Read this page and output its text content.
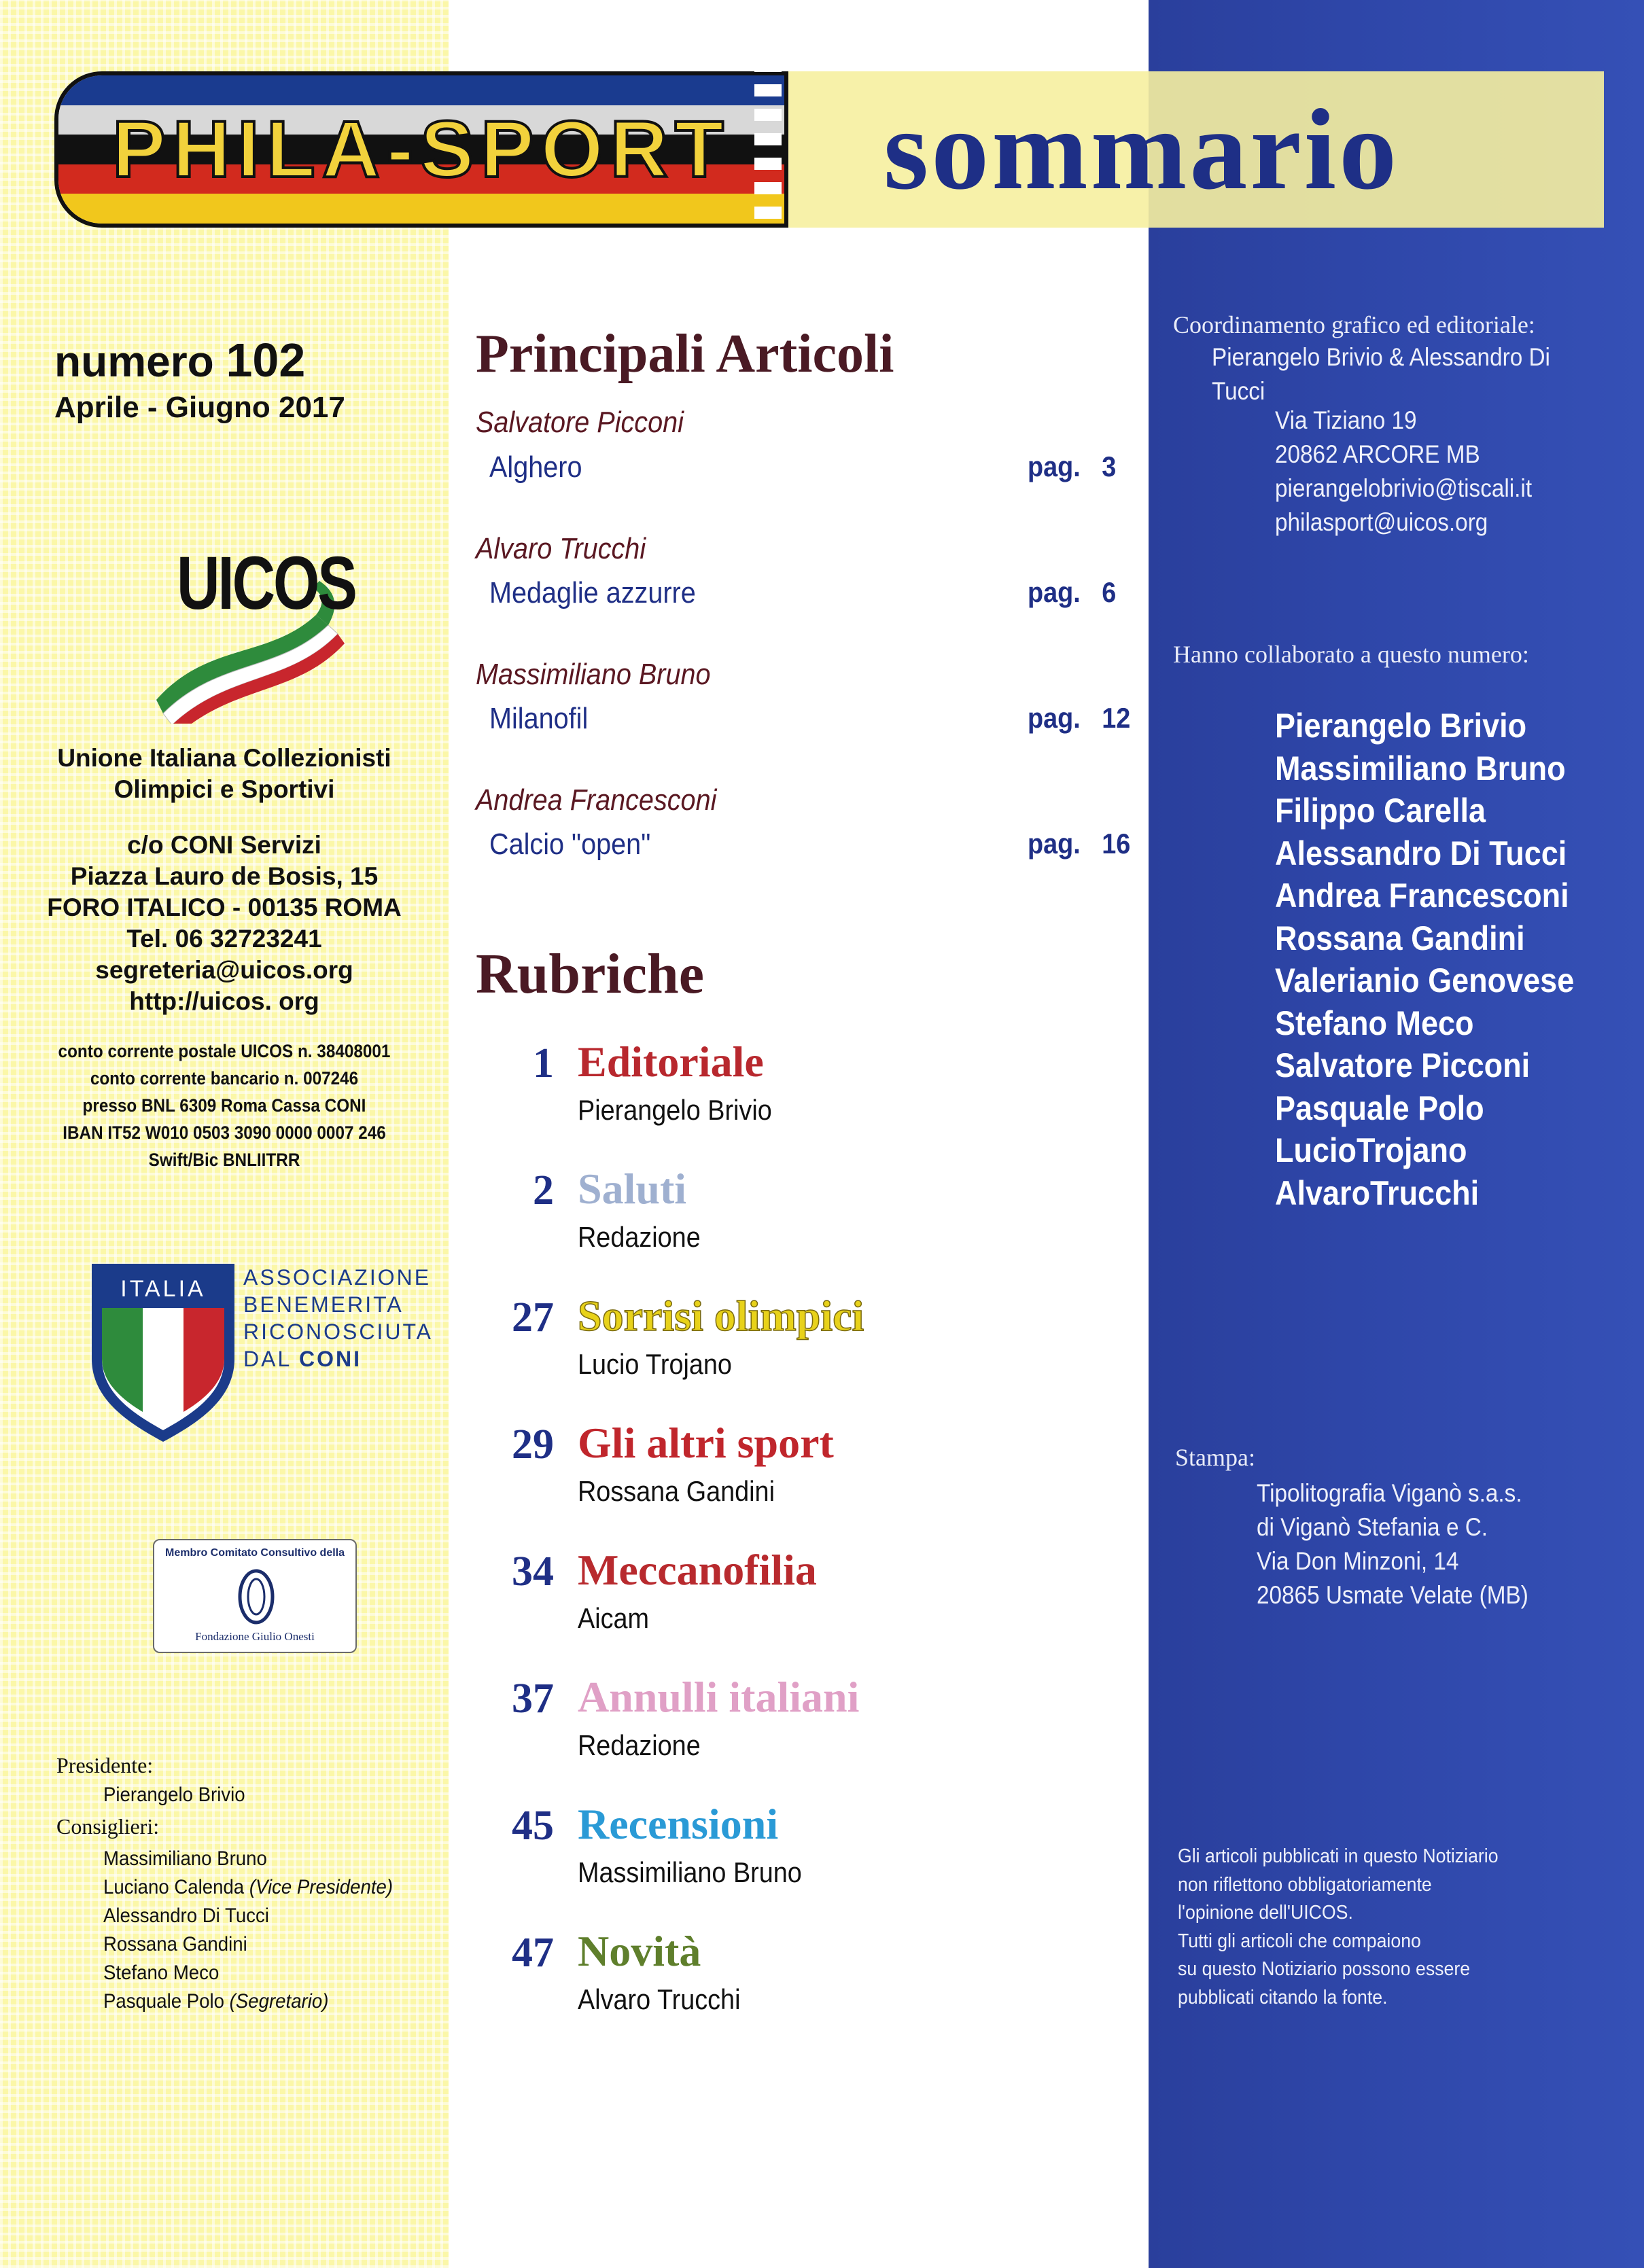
PHILA-SPORT	sommario
numero 102
Aprile - Giugno 2017
UICOS
Unione Italiana Collezionisti
Olimpici e Sportivi
c/o CONI Servizi
Piazza Lauro de Bosis, 15
FORO ITALICO - 00135 ROMA
Tel. 06 32723241
segreteria@uicos.org
http://uicos. org
conto corrente postale UICOS n. 38408001
conto corrente bancario n. 007246
presso BNL 6309 Roma Cassa CONI
IBAN IT52 W010 0503 3090 0000 0007 246
Swift/Bic BNLIITRR
ITALIA ASSOCIAZIONE
BENEMERITA
RICONOSCIUTA
DAL CONI
Membro Comitato Consultivo della
Fondazione Giulio Onesti
Presidente:
Pierangelo Brivio
Consiglieri:
Massimiliano Bruno
Luciano Calenda (Vice Presidente)
Alessandro Di Tucci
Rossana Gandini
Stefano Meco
Pasquale Polo (Segretario)
Principali Articoli
Salvatore Picconi
Alghero	pag. 3
Alvaro Trucchi
Medaglie azzurre	pag. 6
Massimiliano Bruno
Milanofil	pag. 12
Andrea Francesconi
Calcio "open"	pag. 16
Rubriche
1 Editoriale
Pierangelo Brivio
2 Saluti
Redazione
27 Sorrisi olimpici
Lucio Trojano
29 Gli altri sport
Rossana Gandini
34 Meccanofilia
Aicam
37 Annulli italiani
Redazione
45 Recensioni
Massimiliano Bruno
47 Novità
Alvaro Trucchi
Coordinamento grafico ed editoriale:
Pierangelo Brivio & Alessandro Di Tucci
Via Tiziano 19
20862 ARCORE MB
pierangelobrivio@tiscali.it
philasport@uicos.org
Hanno collaborato a questo numero:
Pierangelo Brivio
Massimiliano Bruno
Filippo Carella
Alessandro Di Tucci
Andrea Francesconi
Rossana Gandini
Valerianio Genovese
Stefano Meco
Salvatore Picconi
Pasquale Polo
LucioTrojano
AlvaroTrucchi
Stampa:
Tipolitografia Viganò s.a.s.
di Viganò Stefania e C.
Via Don Minzoni, 14
20865 Usmate Velate (MB)
Gli articoli pubblicati in questo Notiziario
non riflettono obbligatoriamente
l'opinione dell'UICOS.
Tutti gli articoli che compaiono
su questo Notiziario possono essere
pubblicati citando la fonte.
